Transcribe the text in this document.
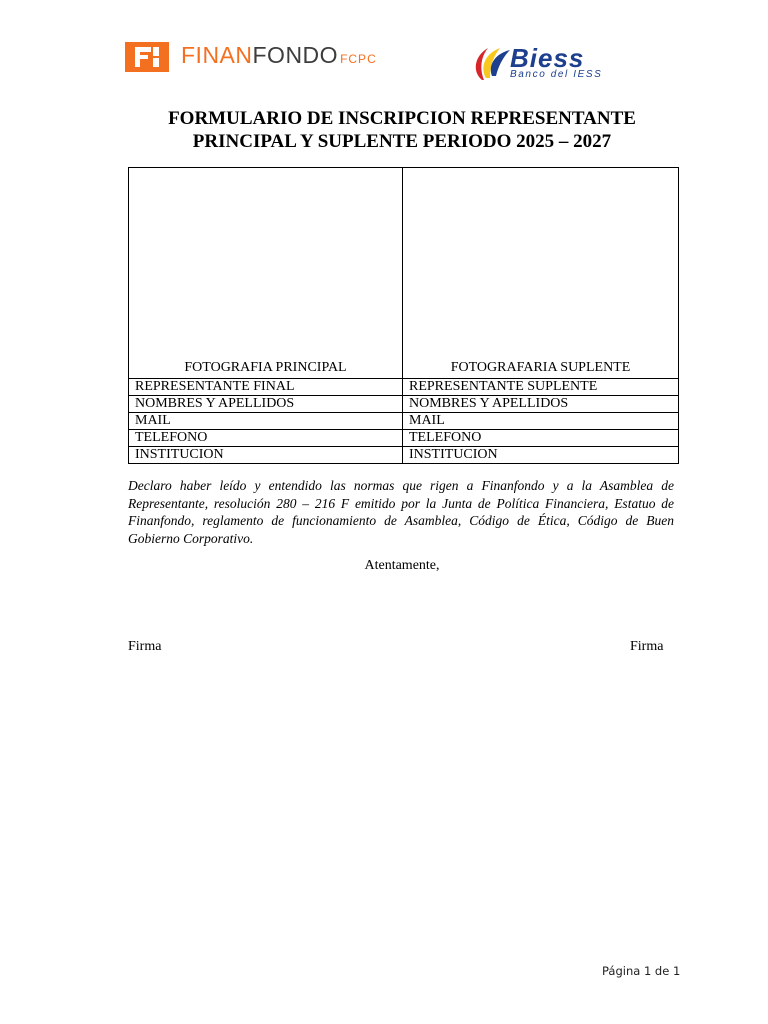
FINANFONDO FCPC	Biess
Banco del IESS
FORMULARIO DE INSCRIPCION REPRESENTANTE
PRINCIPAL Y SUPLENTE PERIODO 2025 – 2027
FOTOGRAFIA PRINCIPAL	FOTOGRAFARIA SUPLENTE
REPRESENTANTE FINAL	REPRESENTANTE SUPLENTE
NOMBRES Y APELLIDOS	NOMBRES Y APELLIDOS
MAIL	MAIL
TELEFONO	TELEFONO
INSTITUCION	INSTITUCION
Declaro haber leído y entendido las normas que rigen a Finanfondo y a la Asamblea de Representante, resolución 280 – 216 F emitido por la Junta de Política Financiera, Estatuo de Finanfondo, reglamento de funcionamiento de Asamblea, Código de Ética, Código de Buen Gobierno Corporativo.
Atentamente,
Firma	Firma
Página 1 de 1
